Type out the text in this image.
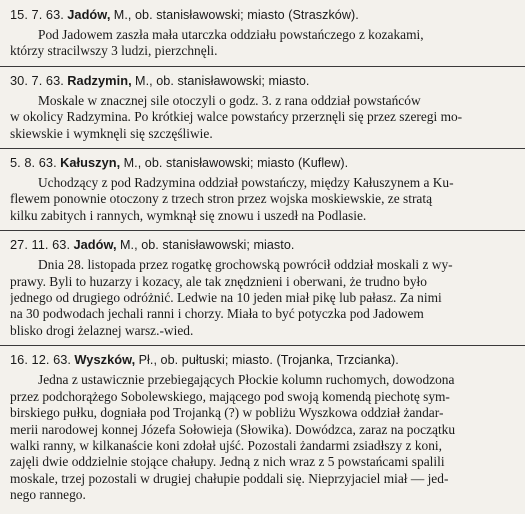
15. 7. 63. Jadów, M., ob. stanisławowski; miasto (Straszków).
Pod Jadowem zaszła mała utarczka oddziału powstańczego z kozakami,
którzy stracilwszy 3 ludzi, pierzchnęli.
30. 7. 63. Radzymin, M., ob. stanisławowski; miasto.
Moskale w znacznej sile otoczyli o godz. 3. z rana oddział powstańców
w okolicy Radzymina. Po krótkiej walce powstańcy przerznęli się przez szeregi mo-
skiewskie i wymknęli się szczęśliwie.
5. 8. 63. Kałuszyn, M., ob. stanisławowski; miasto (Kuflew).
Uchodzący z pod Radzymina oddział powstańczy, między Kałuszynem a Ku-
flewem ponownie otoczony z trzech stron przez wojska moskiewskie, ze stratą
kilku zabitych i rannych, wymknął się znowu i uszedł na Podlasie.
27. 11. 63. Jadów, M., ob. stanisławowski; miasto.
Dnia 28. listopada przez rogatkę grochowską powrócił oddział moskali z wy-
prawy. Byli to huzarzy i kozacy, ale tak znędznieni i oberwani, że trudno było
jednego od drugiego odróżnić. Ledwie na 10 jeden miał pikę lub pałasz. Za nimi
na 30 podwodach jechali ranni i chorzy. Miała to być potyczka pod Jadowem
blisko drogi żelaznej warsz.-wied.
16. 12. 63. Wyszków, Pł., ob. pułtuski; miasto. (Trojanka, Trzcianka).
Jedna z ustawicznie przebiegających Płockie kolumn ruchomych, dowodzona
przez podchorążego Sobolewskiego, mającego pod swoją komendą piechotę sym-
birskiego pułku, dogniała pod Trojanką (?) w pobliżu Wyszkowa oddział żandar-
merii narodowej konnej Józefa Sołowieja (Słowika). Dowódzca, zaraz na początku
walki ranny, w kilkanaście koni zdołał ujść. Pozostali żandarmi zsiadłszy z koni,
zajęli dwie oddzielnie stojące chałupy. Jedną z nich wraz z 5 powstańcami spalili
moskale, trzej pozostali w drugiej chałupie poddali się. Nieprzyjaciel miał — jed-
nego rannego.
